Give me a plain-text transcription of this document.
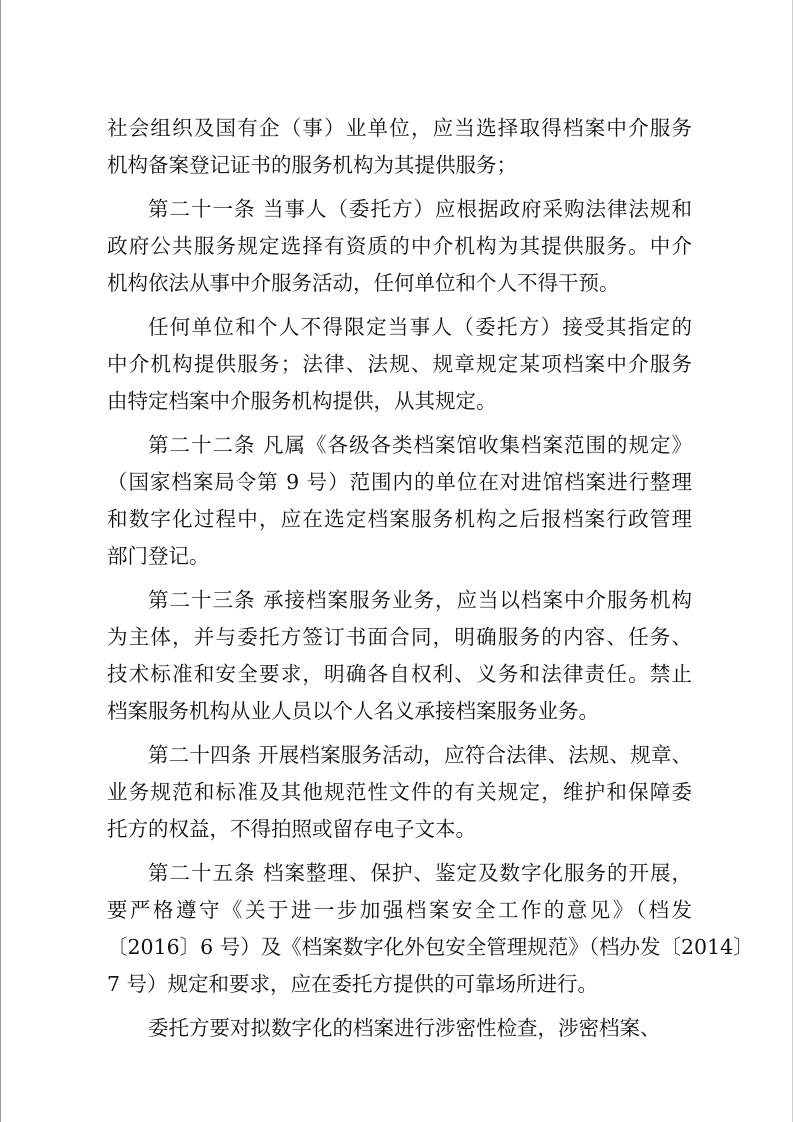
社会组织及国有企（事）业单位，应当选择取得档案中介服务
机构备案登记证书的服务机构为其提供服务；
第二十一条 当事人（委托方）应根据政府采购法律法规和
政府公共服务规定选择有资质的中介机构为其提供服务。中介
机构依法从事中介服务活动，任何单位和个人不得干预。
任何单位和个人不得限定当事人（委托方）接受其指定的
中介机构提供服务；法律、法规、规章规定某项档案中介服务
由特定档案中介服务机构提供，从其规定。
第二十二条 凡属《各级各类档案馆收集档案范围的规定》
（国家档案局令第 9 号）范围内的单位在对进馆档案进行整理
和数字化过程中，应在选定档案服务机构之后报档案行政管理
部门登记。
第二十三条 承接档案服务业务，应当以档案中介服务机构
为主体，并与委托方签订书面合同，明确服务的内容、任务、
技术标准和安全要求，明确各自权利、义务和法律责任。禁止
档案服务机构从业人员以个人名义承接档案服务业务。
第二十四条 开展档案服务活动，应符合法律、法规、规章、
业务规范和标准及其他规范性文件的有关规定，维护和保障委
托方的权益，不得拍照或留存电子文本。
第二十五条 档案整理、保护、鉴定及数字化服务的开展，
要严格遵守《关于进一步加强档案安全工作的意见》（档发
〔2016〕6 号）及《档案数字化外包安全管理规范》（档办发〔2014〕
7 号）规定和要求，应在委托方提供的可靠场所进行。
委托方要对拟数字化的档案进行涉密性检查，涉密档案、
